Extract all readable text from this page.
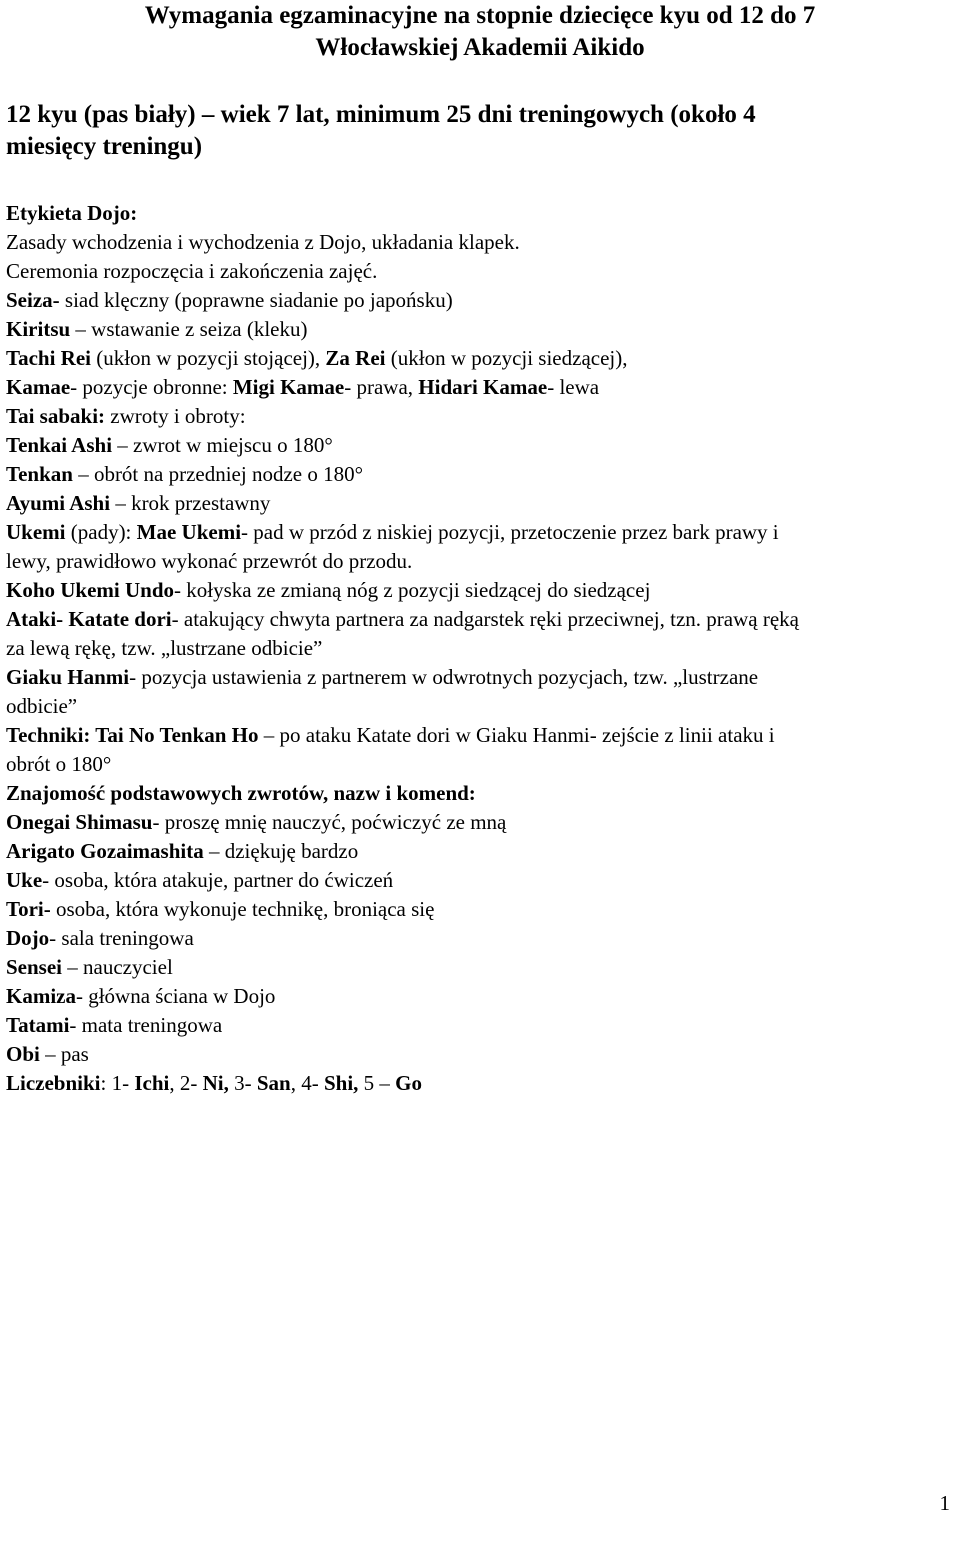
Wymagania egzaminacyjne na stopnie dziecięce kyu od 12 do 7
Włocławskiej Akademii Aikido
12 kyu (pas biały) – wiek 7 lat, minimum 25 dni treningowych (około 4
miesięcy treningu)
Etykieta Dojo:
Zasady wchodzenia i wychodzenia z Dojo, układania klapek.
Ceremonia rozpoczęcia i zakończenia zajęć.
Seiza- siad klęczny (poprawne siadanie po japońsku)
Kiritsu – wstawanie z seiza (kleku)
Tachi Rei (ukłon w pozycji stojącej), Za Rei (ukłon w pozycji siedzącej),
Kamae- pozycje obronne: Migi Kamae- prawa, Hidari Kamae- lewa
Tai sabaki: zwroty i obroty:
Tenkai Ashi – zwrot w miejscu o 180°
Tenkan – obrót na przedniej nodze o 180°
Ayumi Ashi – krok przestawny
Ukemi (pady): Mae Ukemi- pad w przód z niskiej pozycji, przetoczenie przez bark prawy i
lewy, prawidłowo wykonać przewrót do przodu.
Koho Ukemi Undo- kołyska ze zmianą nóg z pozycji siedzącej do siedzącej
Ataki- Katate dori- atakujący chwyta partnera za nadgarstek ręki przeciwnej, tzn. prawą ręką
za lewą rękę, tzw. „lustrzane odbicie”
Giaku Hanmi- pozycja ustawienia z partnerem w odwrotnych pozycjach, tzw. „lustrzane
odbicie”
Techniki: Tai No Tenkan Ho – po ataku Katate dori w Giaku Hanmi- zejście z linii ataku i
obrót o 180°
Znajomość podstawowych zwrotów, nazw i komend:
Onegai Shimasu- proszę mnię nauczyć, poćwiczyć ze mną
Arigato Gozaimashita – dziękuję bardzo
Uke- osoba, która atakuje, partner do ćwiczeń
Tori- osoba, która wykonuje technikę, broniąca się
Dojo- sala treningowa
Sensei – nauczyciel
Kamiza- główna ściana w Dojo
Tatami- mata treningowa
Obi – pas
Liczebniki: 1- Ichi, 2- Ni, 3- San, 4- Shi, 5 – Go
1
